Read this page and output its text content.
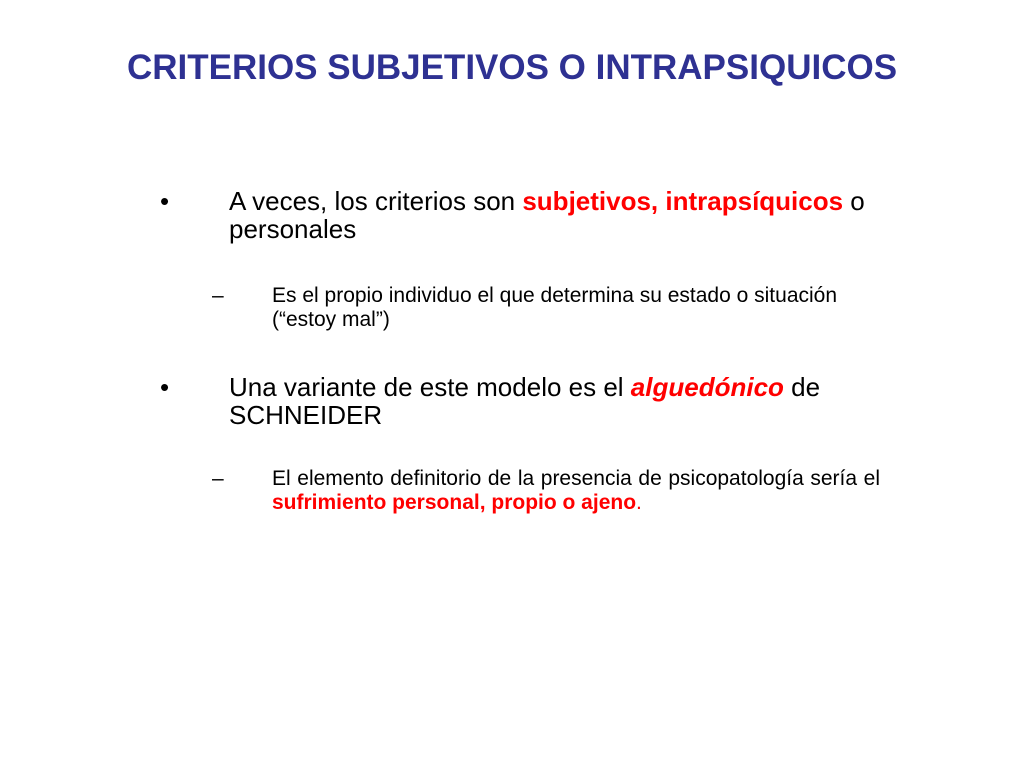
CRITERIOS SUBJETIVOS O INTRAPSIQUICOS
• A veces, los criterios son subjetivos, intrapsíquicos o personales

– Es el propio individuo el que determina su estado o situación (“estoy mal”)

• Una variante de este modelo es el alguedónico de SCHNEIDER

– El elemento definitorio de la presencia de psicopatología sería el sufrimiento personal, propio o ajeno.
